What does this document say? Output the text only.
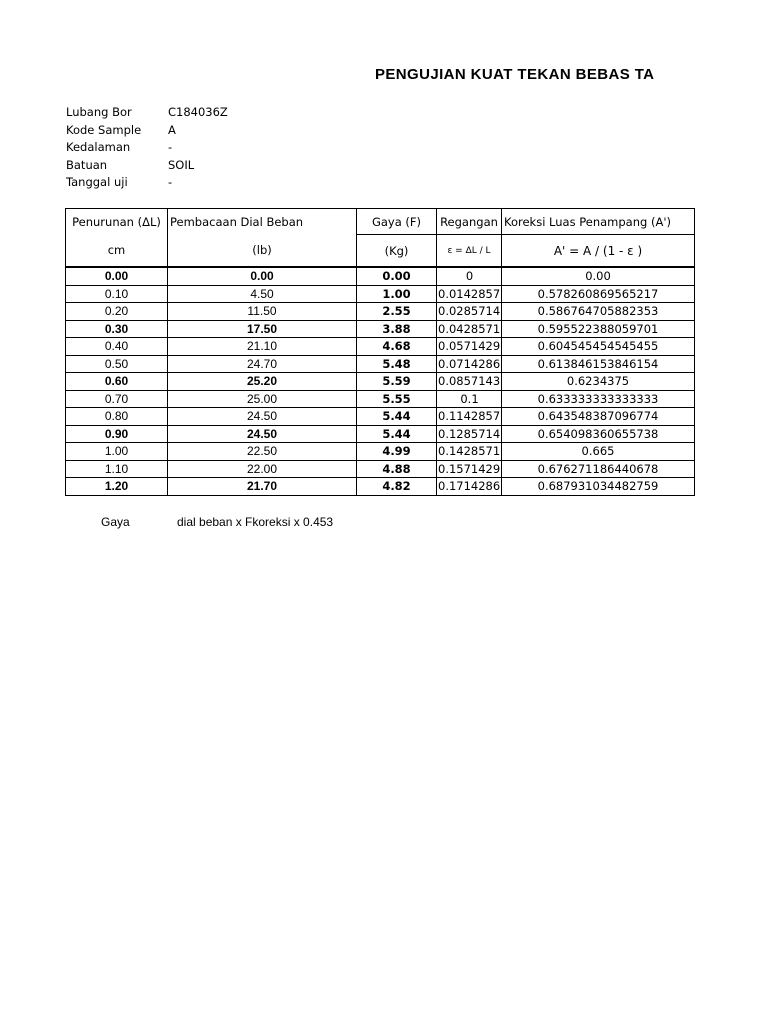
PENGUJIAN KUAT TEKAN BEBAS TA
Lubang Bor	C184036Z
Kode Sample	A
Kedalaman	-
Batuan	SOIL
Tanggal uji	-
Penurunan (ΔL)	Pembacaan Dial Beban	Gaya (F)	Regangan	Koreksi Luas Penampang (A')
cm	(lb)	(Kg)	ε = ΔL / L	A' = A / (1 - ε )
0.00	0.00	0.00	0	0.00
0.10	4.50	1.00	0.0142857	0.578260869565217
0.20	11.50	2.55	0.0285714	0.586764705882353
0.30	17.50	3.88	0.0428571	0.595522388059701
0.40	21.10	4.68	0.0571429	0.604545454545455
0.50	24.70	5.48	0.0714286	0.613846153846154
0.60	25.20	5.59	0.0857143	0.6234375
0.70	25.00	5.55	0.1	0.633333333333333
0.80	24.50	5.44	0.1142857	0.643548387096774
0.90	24.50	5.44	0.1285714	0.654098360655738
1.00	22.50	4.99	0.1428571	0.665
1.10	22.00	4.88	0.1571429	0.676271186440678
1.20	21.70	4.82	0.1714286	0.687931034482759
Gaya	dial beban x Fkoreksi x 0.453
